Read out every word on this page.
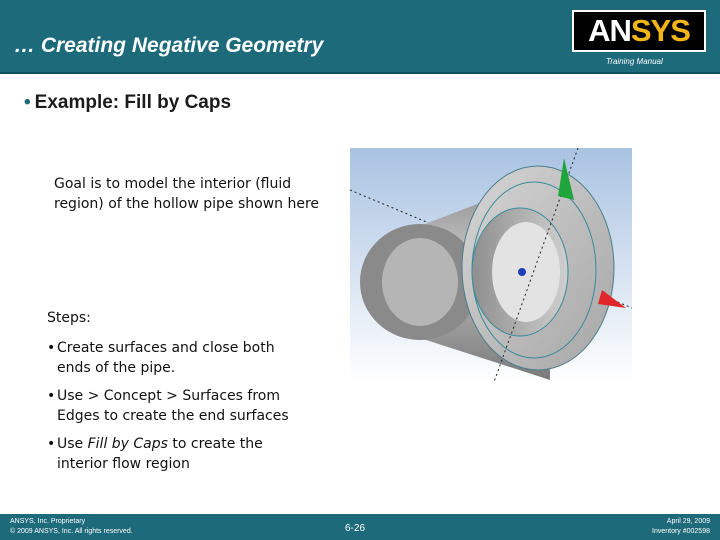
… Creating Negative Geometry	AN SYS
Training Manual
• Example: Fill by Caps
Goal is to model the interior (fluid region) of the hollow pipe shown here
Steps:
• Create surfaces and close both
ends of the pipe.
• Use > Concept > Surfaces from
Edges to create the end surfaces
• Use Fill by Caps to create the
interior flow region
ANSYS, Inc. Proprietary
© 2009 ANSYS, Inc. All rights reserved.	6-26
April 29, 2009
Inventory #002598
